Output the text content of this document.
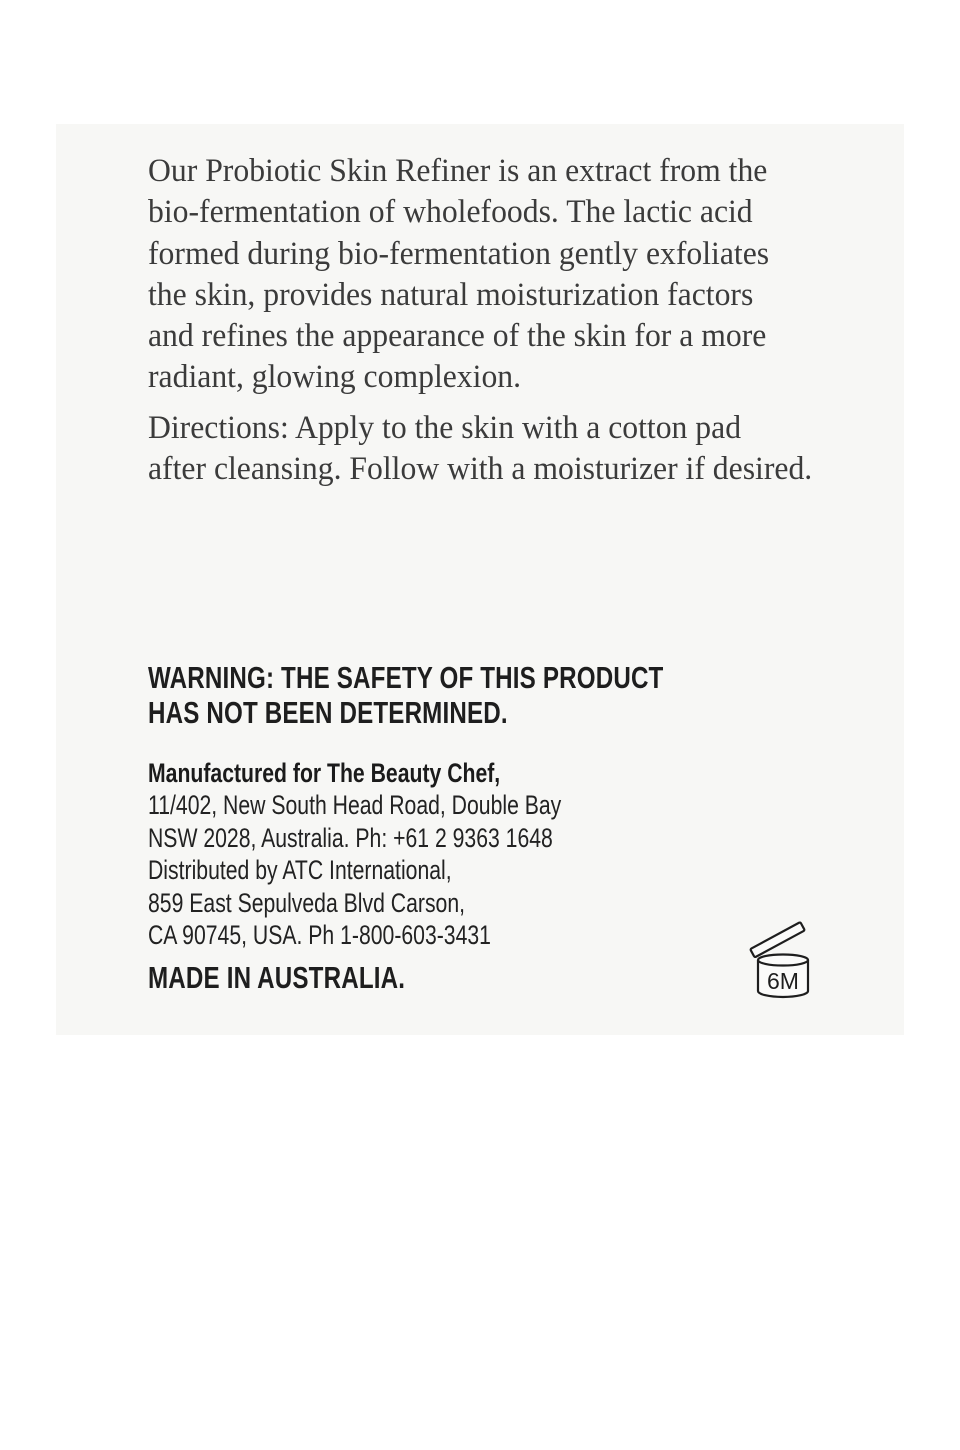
Our Probiotic Skin Refiner is an extract from the
bio-fermentation of wholefoods. The lactic acid
formed during bio-fermentation gently exfoliates
the skin, provides natural moisturization factors
and refines the appearance of the skin for a more
radiant, glowing complexion.
Directions: Apply to the skin with a cotton pad
after cleansing. Follow with a moisturizer if desired.
WARNING: THE SAFETY OF THIS PRODUCT
HAS NOT BEEN DETERMINED.
Manufactured for The Beauty Chef,
11/402, New South Head Road, Double Bay
NSW 2028, Australia. Ph: +61 2 9363 1648
Distributed by ATC International,
859 East Sepulveda Blvd Carson,
CA 90745, USA. Ph 1-800-603-3431
MADE IN AUSTRALIA.	6M
